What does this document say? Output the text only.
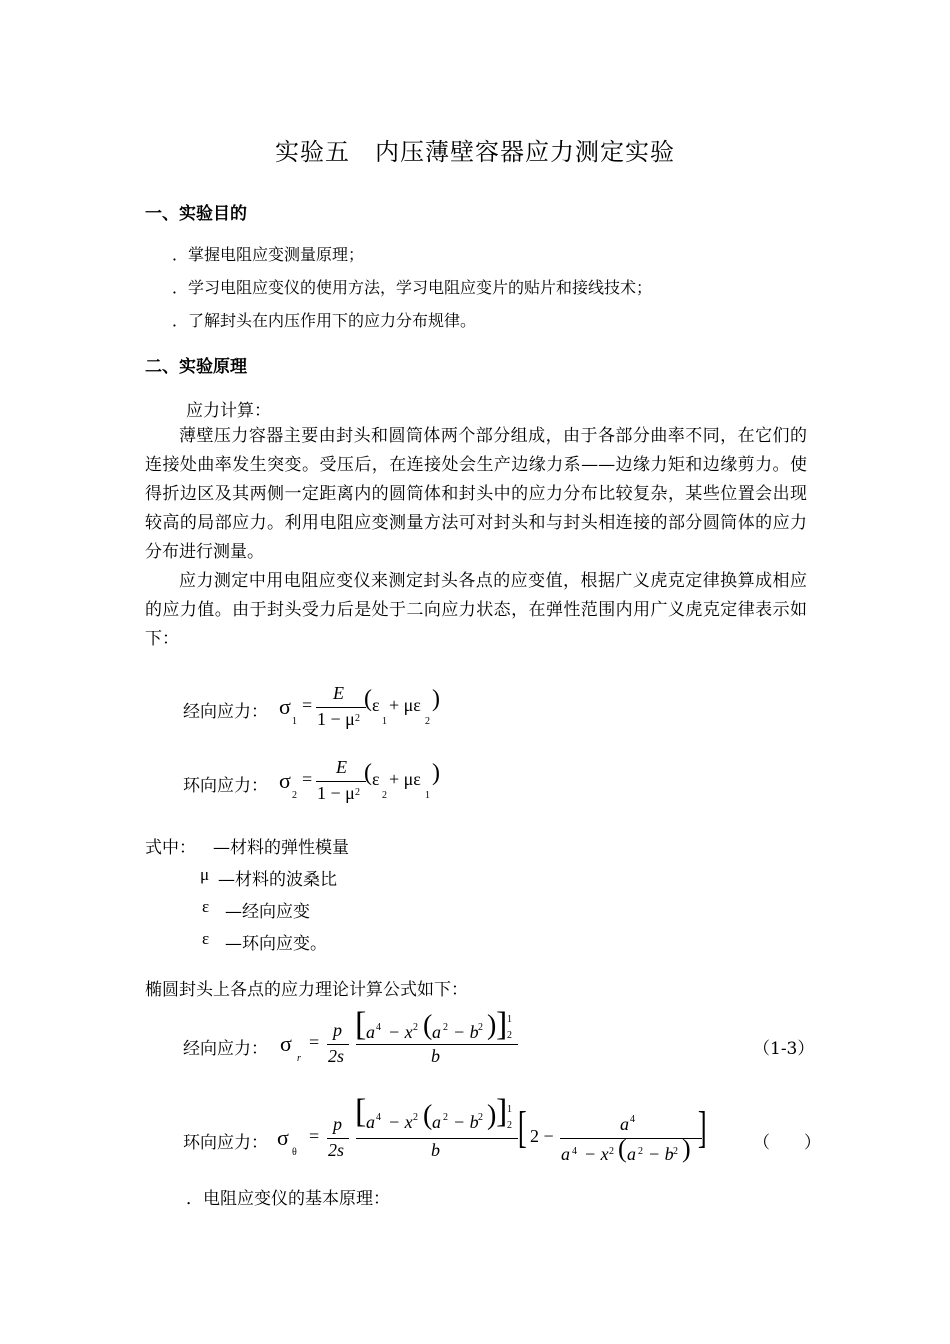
实验五　内压薄壁容器应力测定实验
一、实验目的
．掌握电阻应变测量原理；
．学习电阻应变仪的使用方法，学习电阻应变片的贴片和接线技术；
．了解封头在内压作用下的应力分布规律。
二、实验原理
应力计算：

薄壁压力容器主要由封头和圆筒体两个部分组成，由于各部分曲率不同，在它们的连接处曲率发生突变。受压后，在连接处会生产边缘力系——边缘力矩和边缘剪力。使得折边区及其两侧一定距离内的圆筒体和封头中的应力分布比较复杂，某些位置会出现较高的局部应力。利用电阻应变测量方法可对封头和与封头相连接的部分圆筒体的应力分布进行测量。

应力测定中用电阻应变仪来测定封头各点的应变值，根据广义虎克定律换算成相应的应力值。由于封头受力后是处于二向应力状态，在弹性范围内用广义虎克定律表示如下：

经向应力： σ
1
=
E
1 − μ 2
( ε
1
+ με
2
)
环向应力： σ
2
=
E
1 − μ 2
( ε
2
+ με
1
)
式中： —材料的弹性模量
μ —材料的波桑比
ε —经向应变
ε —环向应变。
椭圆封头上各点的应力理论计算公式如下：
经向应力： σ
r
=
p
2s
[ a 4 − x 2 ( a 2 − b 2 ) ] 1
2
b	（1-3）
环向应力： σ
θ
=
p
2s
[ a 4 − x 2 ( a 2 − b 2 ) ] 1
2
b [ 2 −
a 4
a 4 − x 2 ( a 2 − b 2 ) ]	（　　）
．电阻应变仪的基本原理：
